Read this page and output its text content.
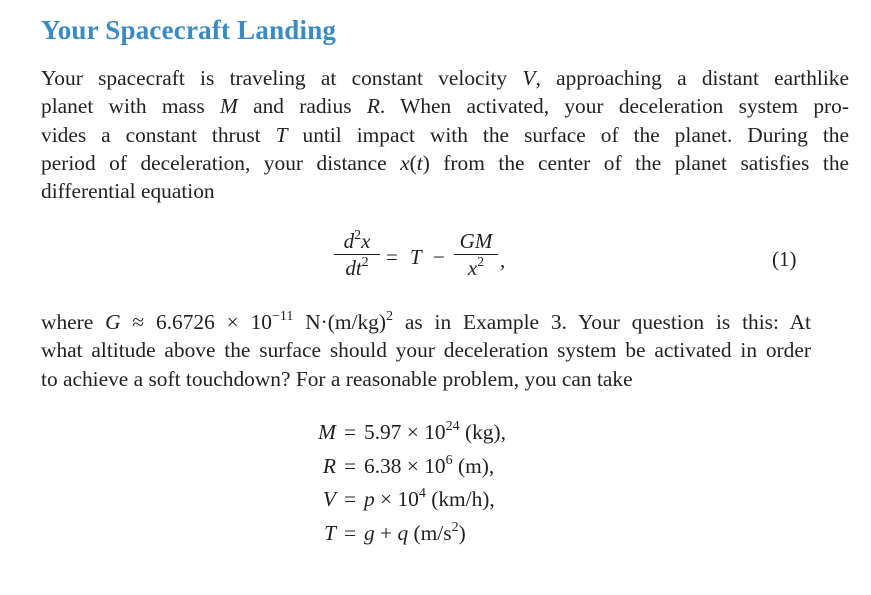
Your Spacecraft Landing
Your spacecraft is traveling at constant velocity V, approaching a distant earthlike
planet with mass M and radius R. When activated, your deceleration system pro-
vides a constant thrust T until impact with the surface of the planet. During the
period of deceleration, your distance x(t) from the center of the planet satisfies the
differential equation
$d^2x$
$dt^2 = T$ −
GM
$x^2$ ,	(1)
where $G \approx 6.6726 \times 10^{-11}$ $N\cdot(m/kg)^2$ as in Example 3. Your question is this: At
what altitude above the surface should your deceleration system be activated in order
to achieve a soft touchdown? For a reasonable problem, you can take
$M = 5.97 \times 10^{24}$ (kg),
$R = 6.38 \times 10^6$ (m),
$V = p \times 10^4$ (km/h),
T = g + q $(m/s^2)$
